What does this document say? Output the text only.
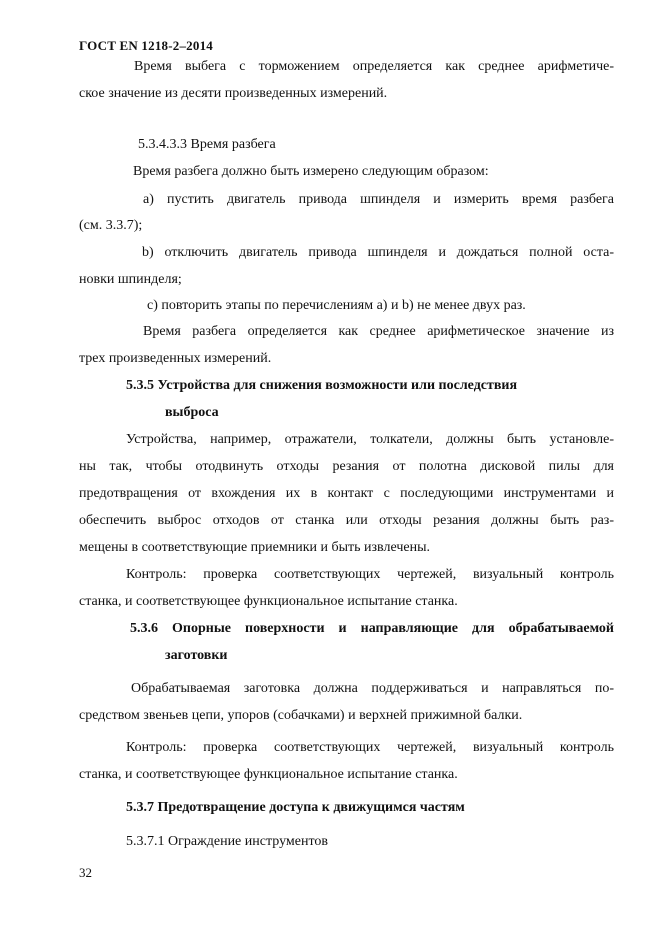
ГОСТ EN 1218-2–2014
Время выбега с торможением определяется как среднее арифметиче-
ское значение из десяти произведенных измерений.
5.3.4.3.3 Время разбега
Время разбега должно быть измерено следующим образом:
a) пустить двигатель привода шпинделя и измерить время разбега
(см. 3.3.7);
b) отключить двигатель привода шпинделя и дождаться полной оста-
новки шпинделя;
c) повторить этапы по перечислениям a) и b) не менее двух раз.
Время разбега определяется как среднее арифметическое значение из
трех произведенных измерений.
5.3.5 Устройства для снижения возможности или последствия
выброса
Устройства, например, отражатели, толкатели, должны быть установле-
ны так, чтобы отодвинуть отходы резания от полотна дисковой пилы для
предотвращения от вхождения их в контакт с последующими инструментами и
обеспечить выброс отходов от станка или отходы резания должны быть раз-
мещены в соответствующие приемники и быть извлечены.
Контроль: проверка соответствующих чертежей, визуальный контроль
станка, и соответствующее функциональное испытание станка.
5.3.6 Опорные поверхности и направляющие для обрабатываемой
заготовки
Обрабатываемая заготовка должна поддерживаться и направляться по-
средством звеньев цепи, упоров (собачками) и верхней прижимной балки.
Контроль: проверка соответствующих чертежей, визуальный контроль
станка, и соответствующее функциональное испытание станка.
5.3.7 Предотвращение доступа к движущимся частям
5.3.7.1 Ограждение инструментов
32
